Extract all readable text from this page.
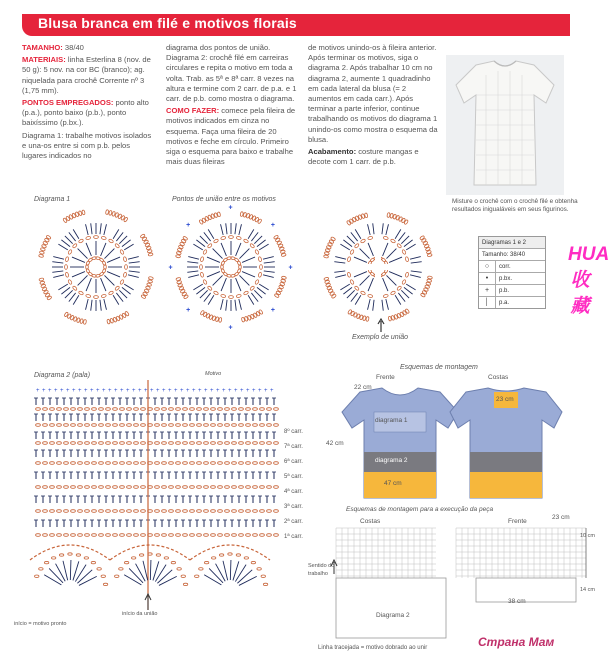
Blusa branca em filé e motivos florais

TAMANHO: 38/40

MATERIAIS: linha Esterlina 8 (nov. de 50 g): 5 nov. na cor BC (branco); ag. niquelada para crochê Corrente nº 3 (1,75 mm).

PONTOS EMPREGADOS: ponto alto (p.a.), ponto baixo (p.b.), ponto baixíssimo (p.bx.).

Diagrama 1: trabalhe motivos isolados e una-os entre si com p.b. pelos lugares indicados no

diagrama dos pontos de união. Diagrama 2: crochê filé em carreiras circulares e repita o motivo em toda a volta. Trab. as 5ª e 8ª carr. 8 vezes na altura e termine com 2 carr. de p.a. e 1 carr. de p.b. como mostra o diagrama.

COMO FAZER: comece pela fileira de motivos indicados em cinza no esquema. Faça uma fileira de 20 motivos e feche em círculo. Primeiro siga o esquema para baixo e trabalhe mais duas fileiras

de motivos unindo-os à fileira anterior. Após terminar os motivos, siga o diagrama 2. Após trabalhar 10 cm no diagrama 2, aumente 1 quadradinho em cada lateral da blusa (= 2 aumentos em cada carr.). Após terminar a parte inferior, continue trabalhando os motivos do diagrama 1 unindo-os como mostra o esquema da blusa.

Acabamento: costure mangas e decote com 1 carr. de p.b.

Misture o crochê com o crochê filé e obtenha resultados inigualáveis em seus figurinos.
Diagramas 1 e 2
Tamanho: 38/40
○	corr.
•	p.bx.
+	p.b.
│	p.a.
HUA收藏
Diagrama 1	Pontos de união entre os motivos
Exemplo de união
+
+
+
+
+
+
+
+
Diagrama 2 (pala)	Motivo
+ + + + + + + + + + + + + + + + + + + + + + + + + + + + + + + + + + + + + + + +
8º carr.
7ª carr.
6ª carr.
5ª carr.
4ª carr.
3ª carr.
2ª carr.
1ª carr.
início = motivo pronto
início da união
Esquemas de montagem
Frente	Costas
22 cm
23 cm
42 cm
47 cm
diagrama 1
diagrama 2
Esquemas de montagem para a execução da peça
Costas	Frente
23 cm
10 cm
14 cm
38 cm
Sentido do trabalho
Diagrama 2
Linha tracejada = motivo dobrado ao unir	Страна Мам
